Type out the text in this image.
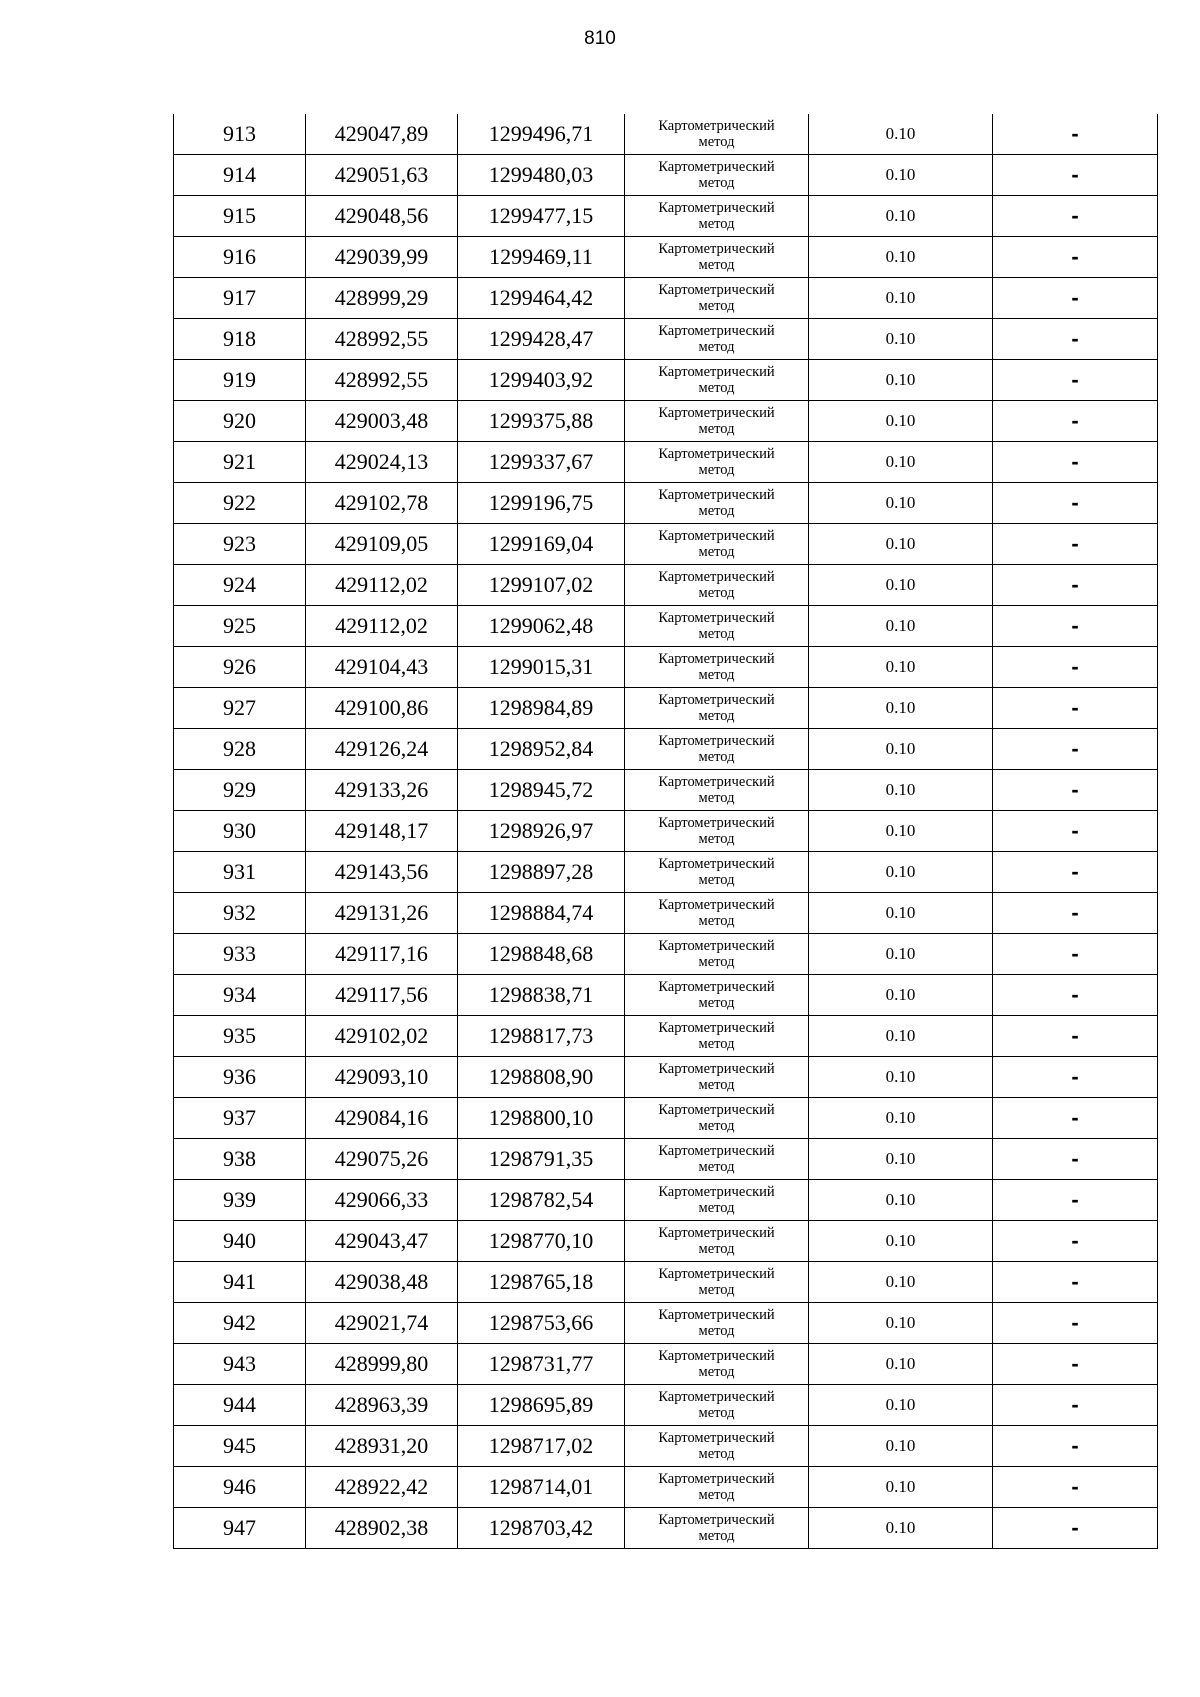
810
913	429047,89	1299496,71	Картометрический метод	0.10	-
914	429051,63	1299480,03	Картометрический метод	0.10	-
915	429048,56	1299477,15	Картометрический метод	0.10	-
916	429039,99	1299469,11	Картометрический метод	0.10	-
917	428999,29	1299464,42	Картометрический метод	0.10	-
918	428992,55	1299428,47	Картометрический метод	0.10	-
919	428992,55	1299403,92	Картометрический метод	0.10	-
920	429003,48	1299375,88	Картометрический метод	0.10	-
921	429024,13	1299337,67	Картометрический метод	0.10	-
922	429102,78	1299196,75	Картометрический метод	0.10	-
923	429109,05	1299169,04	Картометрический метод	0.10	-
924	429112,02	1299107,02	Картометрический метод	0.10	-
925	429112,02	1299062,48	Картометрический метод	0.10	-
926	429104,43	1299015,31	Картометрический метод	0.10	-
927	429100,86	1298984,89	Картометрический метод	0.10	-
928	429126,24	1298952,84	Картометрический метод	0.10	-
929	429133,26	1298945,72	Картометрический метод	0.10	-
930	429148,17	1298926,97	Картометрический метод	0.10	-
931	429143,56	1298897,28	Картометрический метод	0.10	-
932	429131,26	1298884,74	Картометрический метод	0.10	-
933	429117,16	1298848,68	Картометрический метод	0.10	-
934	429117,56	1298838,71	Картометрический метод	0.10	-
935	429102,02	1298817,73	Картометрический метод	0.10	-
936	429093,10	1298808,90	Картометрический метод	0.10	-
937	429084,16	1298800,10	Картометрический метод	0.10	-
938	429075,26	1298791,35	Картометрический метод	0.10	-
939	429066,33	1298782,54	Картометрический метод	0.10	-
940	429043,47	1298770,10	Картометрический метод	0.10	-
941	429038,48	1298765,18	Картометрический метод	0.10	-
942	429021,74	1298753,66	Картометрический метод	0.10	-
943	428999,80	1298731,77	Картометрический метод	0.10	-
944	428963,39	1298695,89	Картометрический метод	0.10	-
945	428931,20	1298717,02	Картометрический метод	0.10	-
946	428922,42	1298714,01	Картометрический метод	0.10	-
947	428902,38	1298703,42	Картометрический метод	0.10	-
